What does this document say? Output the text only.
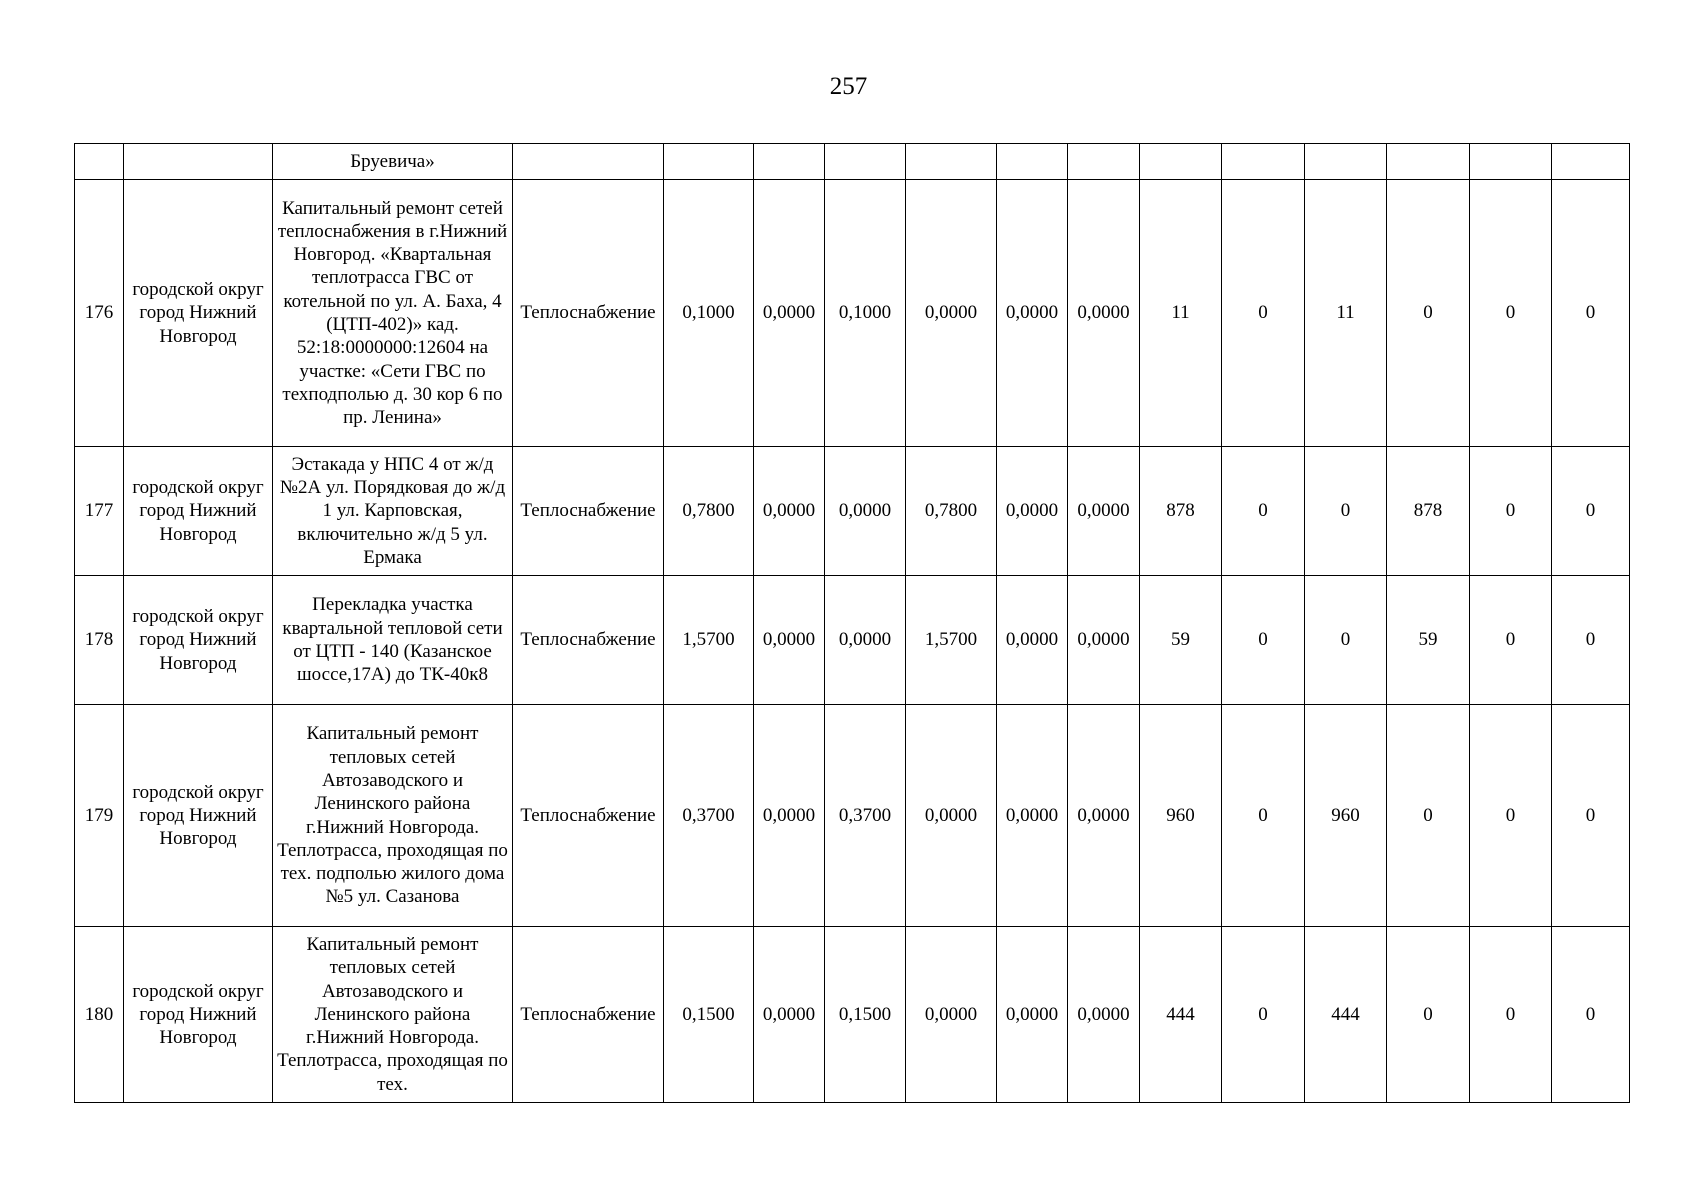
257
		Бруевича»													
176	городской округ город Нижний Новгород	Капитальный ремонт сетей теплоснабжения в г.Нижний Новгород. «Квартальная теплотрасса ГВС от котельной по ул. А. Баха, 4 (ЦТП-402)» кад. 52:18:0000000:12604 на участке: «Сети ГВС по техподполью д. 30 кор 6 по пр. Ленина»	Теплоснабжение	0,1000	0,0000	0,1000	0,0000	0,0000	0,0000	11	0	11	0	0	0
177	городской округ город Нижний Новгород	Эстакада у НПС 4 от ж/д №2А ул. Порядковая до ж/д 1 ул. Карповская, включительно ж/д 5 ул. Ермака	Теплоснабжение	0,7800	0,0000	0,0000	0,7800	0,0000	0,0000	878	0	0	878	0	0
178	городской округ город Нижний Новгород	Перекладка участка квартальной тепловой сети от ЦТП - 140 (Казанское шоссе,17А) до ТК-40к8	Теплоснабжение	1,5700	0,0000	0,0000	1,5700	0,0000	0,0000	59	0	0	59	0	0
179	городской округ город Нижний Новгород	Капитальный ремонт тепловых сетей Автозаводского и Ленинского района г.Нижний Новгорода. Теплотрасса, проходящая по тех. подполью жилого дома №5 ул. Сазанова	Теплоснабжение	0,3700	0,0000	0,3700	0,0000	0,0000	0,0000	960	0	960	0	0	0
180	городской округ город Нижний Новгород	Капитальный ремонт тепловых сетей Автозаводского и Ленинского района г.Нижний Новгорода. Теплотрасса, проходящая по тех.	Теплоснабжение	0,1500	0,0000	0,1500	0,0000	0,0000	0,0000	444	0	444	0	0	0
